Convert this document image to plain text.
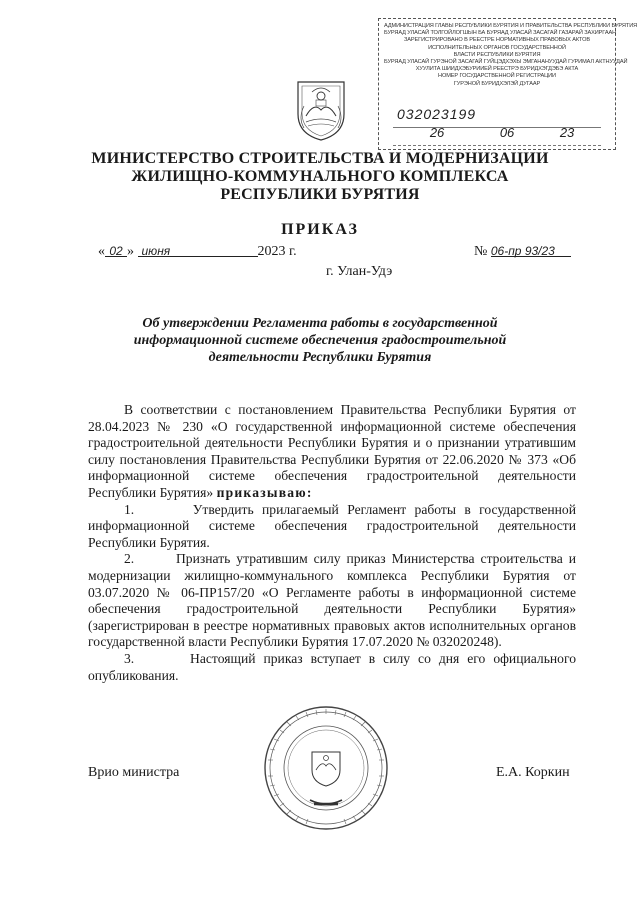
АДМИНИСТРАЦИЯ ГЛАВЫ РЕСПУБЛИКИ БУРЯТИЯ И ПРАВИТЕЛЬСТВА РЕСПУБЛИКИ БУРЯТИЯ
БУРЯАД УЛАСАЙ ТОЛГОЙЛОГШЫН БА БУРЯАД УЛАСАЙ ЗАСАГАЙ ГАЗАРАЙ ЗАХИРГААН
ЗАРЕГИСТРИРОВАНО В РЕЕСТРЕ НОРМАТИВНЫХ ПРАВОВЫХ АКТОВ
ИСПОЛНИТЕЛЬНЫХ ОРГАНОВ ГОСУДАРСТВЕННОЙ
ВЛАСТИ РЕСПУБЛИКИ БУРЯТИЯ
БУРЯАД УЛАСАЙ ГУРЭНОЙ ЗАСАГАЙ ГУЙЦЭДХЭХЫ ЭМГАНАНУУДАЙ ГУРИМАЛ АКТНУУДАЙ
ХУУЛИТА ШИИДХЭБУРИИЕЙ РЕЕСТРЭ БУРИДХЭГДЭБЭ АКТА
НОМЕР ГОСУДАРСТВЕННОЙ РЕГИСТРАЦИИ
ГУРЭНОЙ БУРИДХЭЛЭЙ ДУГААР
032023199
26	06	23
МИНИСТЕРСТВО СТРОИТЕЛЬСТВА И МОДЕРНИЗАЦИИ
ЖИЛИЩНО-КОММУНАЛЬНОГО КОМПЛЕКСА
РЕСПУБЛИКИ БУРЯТИЯ
ПРИКАЗ
« 02 » июня	2023 г.	№ 06-пр 93/23
г. Улан-Удэ
Об утверждении Регламента работы в государственной
информационной системе обеспечения градостроительной
деятельности Республики Бурятия

В соответствии с постановлением Правительства Республики Бурятия от 28.04.2023 № 230 «О государственной информационной системе обеспечения градостроительной деятельности Республики Бурятия и о признании утратившим силу постановления Правительства Республики Бурятия от 22.06.2020 № 373 «Об информационной системе обеспечения градостроительной деятельности Республики Бурятия» приказываю:

1.	Утвердить прилагаемый Регламент работы в государственной информационной системе обеспечения градостроительной деятельности Республики Бурятия.

2.	Признать утратившим силу приказ Министерства строительства и модернизации жилищно-коммунального комплекса Республики Бурятия от 03.07.2020 № 06-ПР157/20 «О Регламенте работы в информационной системе обеспечения градостроительной деятельности Республики Бурятия» (зарегистрирован в реестре нормативных правовых актов исполнительных органов государственной власти Республики Бурятия 17.07.2020 № 032020248).

3.	Настоящий приказ вступает в силу со дня его официального опубликования.

Врио министра	Е.А. Коркин
